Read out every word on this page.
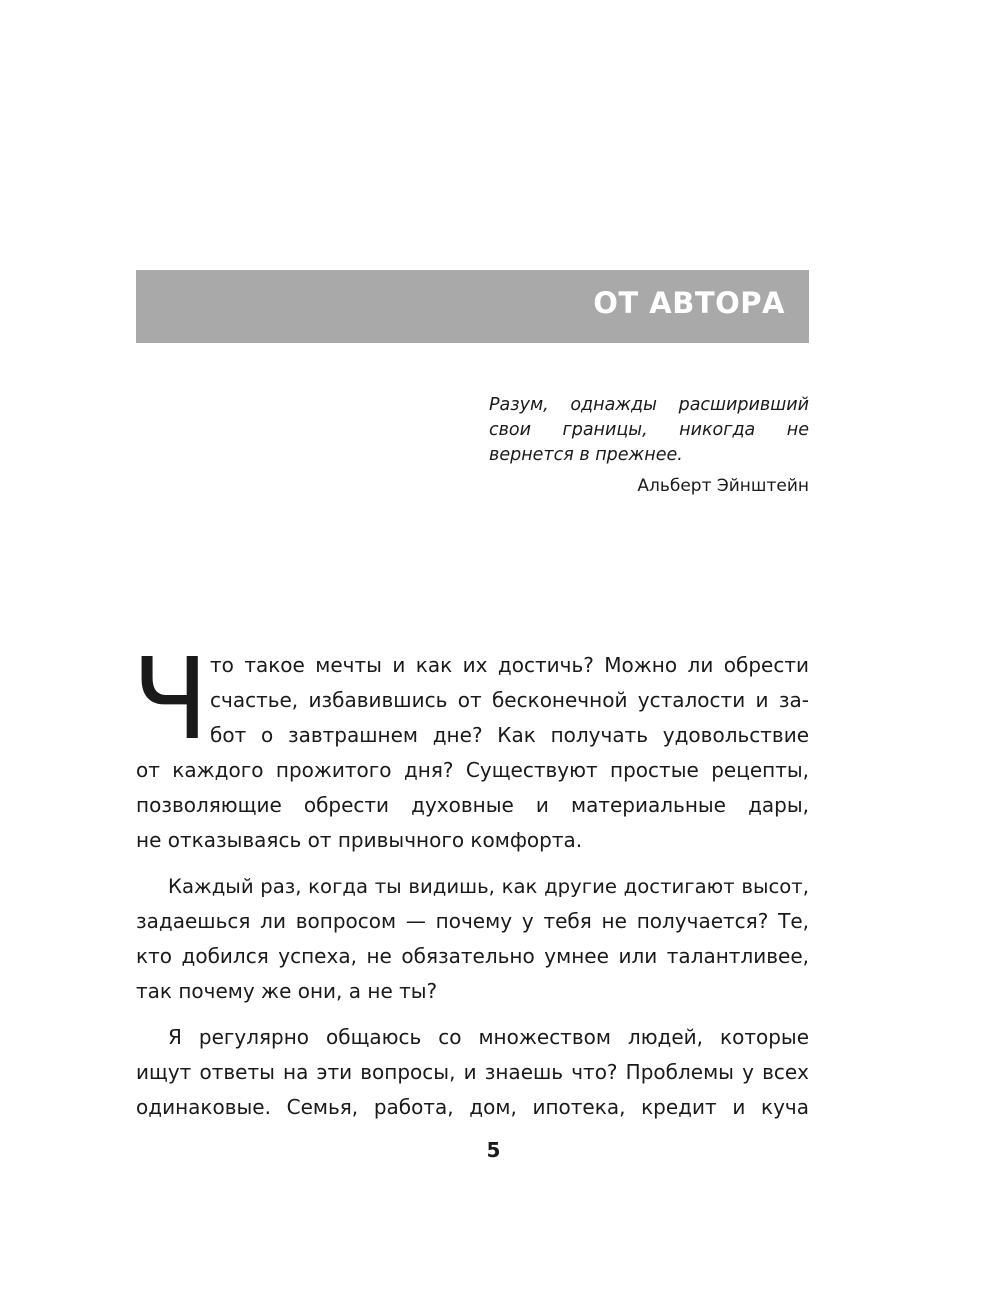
ОТ АВТОРА

Разум, однажды расширивший свои границы, никогда не вернется в прежнее.

Альберт Эйнштейн

Ч то такое мечты и как их достичь? Можно ли обрести
счастье, избавившись от бесконечной усталости и за-
бот о завтрашнем дне? Как получать удовольствие
от каждого прожитого дня? Существуют простые рецепты,
позволяющие обрести духовные и материальные дары,
не отказываясь от привычного комфорта.
Каждый раз, когда ты видишь, как другие достигают высот,
задаешься ли вопросом — почему у тебя не получается? Те,
кто добился успеха, не обязательно умнее или талантливее,
так почему же они, а не ты?
Я регулярно общаюсь со множеством людей, которые
ищут ответы на эти вопросы, и знаешь что? Проблемы у всех
одинаковые. Семья, работа, дом, ипотека, кредит и куча
5
